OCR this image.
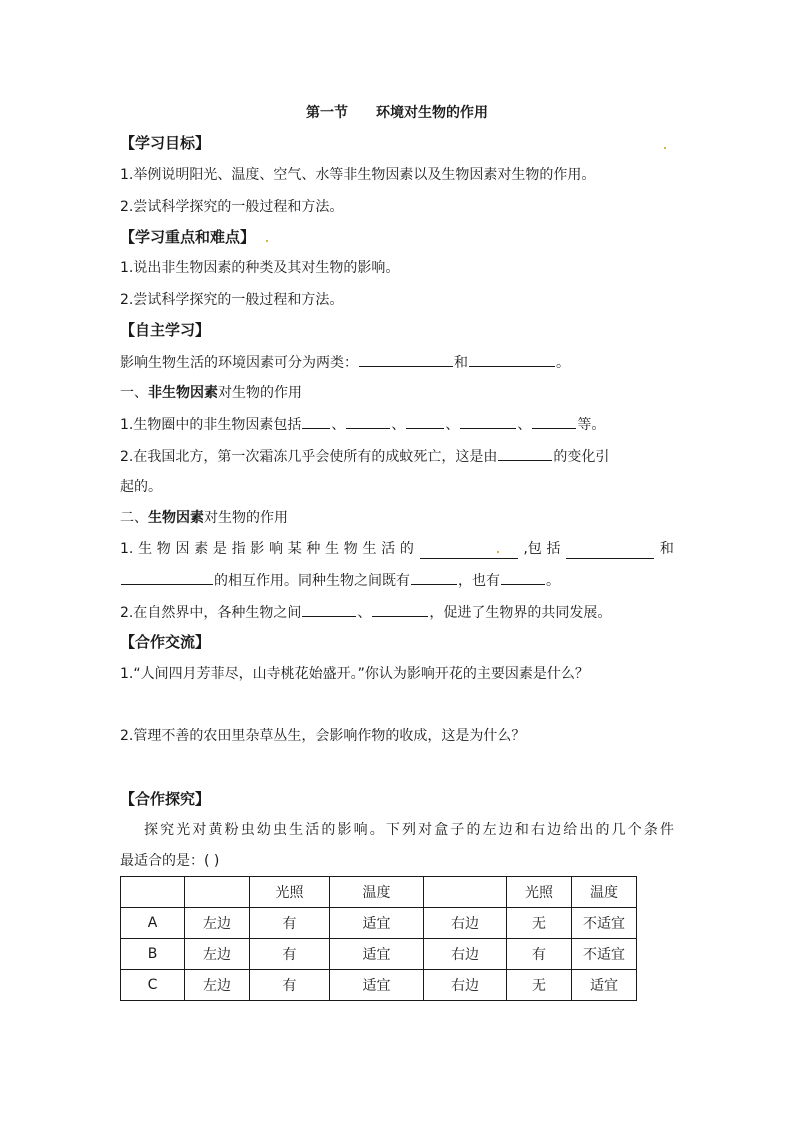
第一节 环境对生物的作用
【学习目标】
1.举例说明阳光、温度、空气、水等非生物因素以及生物因素对生物的作用。
2.尝试科学探究的一般过程和方法。
【学习重点和难点】
1.说出非生物因素的种类及其对生物的影响。
2.尝试科学探究的一般过程和方法。
【自主学习】
影响生物生活的环境因素可分为两类：	和	。
一、非生物因素对生物的作用
1.生物圈中的非生物因素包括 、	、	、	、	等。
2.在我国北方，第一次霜冻几乎会使所有的成蚊死亡，这是由	的变化引
起的。
二、生物因素对生物的作用
1. 生 物 因 素 是 指 影 响 某 种 生 物 生 活 的	,包 括	和
的相互作用。同种生物之间既有	，也有	。
2.在自然界中，各种生物之间	、	，促进了生物界的共同发展。
【合作交流】
1.“人间四月芳菲尽，山寺桃花始盛开。”你认为影响开花的主要因素是什么？
2.管理不善的农田里杂草丛生，会影响作物的收成，这是为什么？
【合作探究】
探究光对黄粉虫幼虫生活的影响。下列对盒子的左边和右边给出的几个条件
最适合的是：( )
		光照	温度		光照	温度
A	左边	有	适宜	右边	无	不适宜
B	左边	有	适宜	右边	有	不适宜
C	左边	有	适宜	右边	无	适宜
